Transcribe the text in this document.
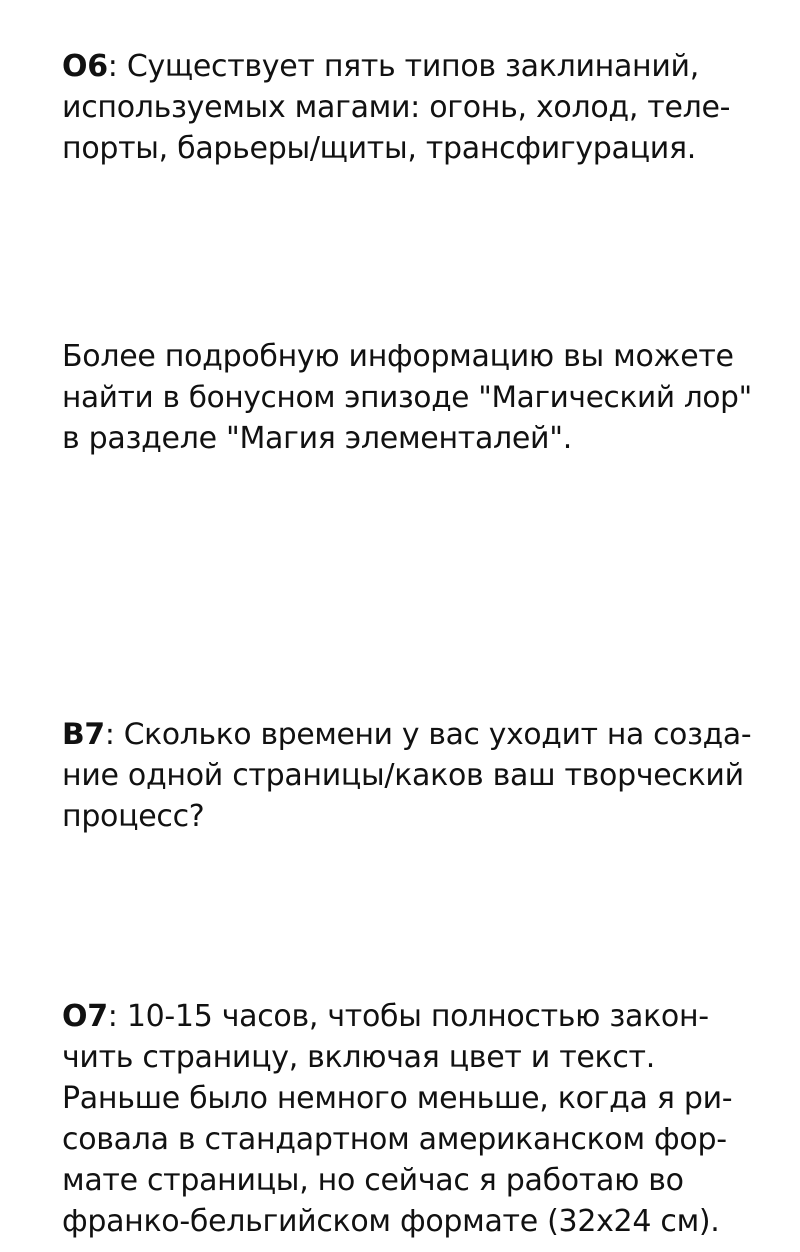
О6: Существует пять типов заклинаний,
используемых магами: огонь, холод, теле-
порты, барьеры/щиты, трансфигурация.
Более подробную информацию вы можете
найти в бонусном эпизоде "Магический лор"
в разделе "Магия элементалей".
В7: Сколько времени у вас уходит на созда-
ние одной страницы/каков ваш творческий
процесс?
О7: 10-15 часов, чтобы полностью закон-
чить страницу, включая цвет и текст.
Раньше было немного меньше, когда я ри-
совала в стандартном американском фор-
мате страницы, но сейчас я работаю во
франко-бельгийском формате (32x24 см).
